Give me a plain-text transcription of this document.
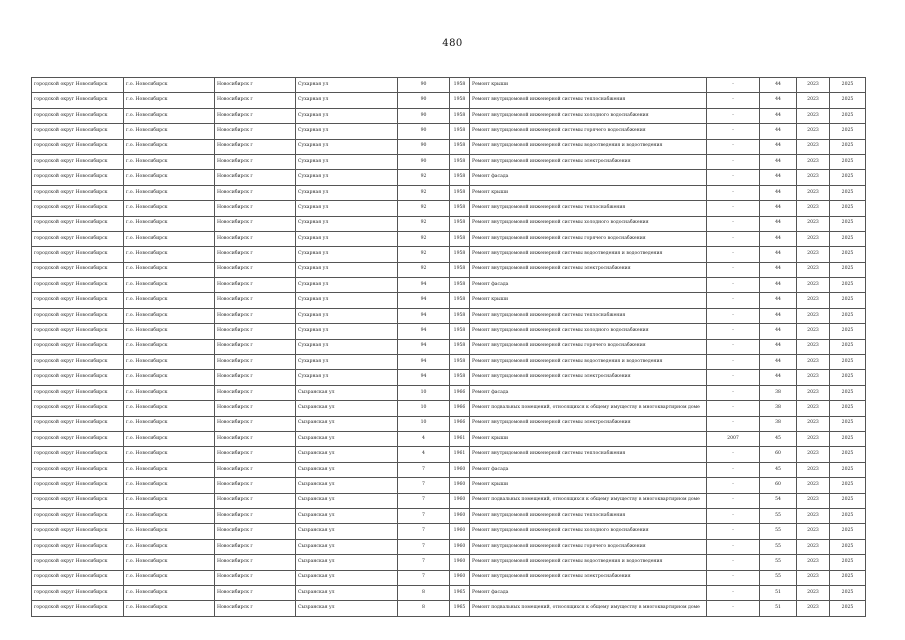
480
городской округ Новосибирск	г.о. Новосибирск	Новосибирск г	Сухарная ул	90	1958	Ремонт крыши	-	44	2023	2025
городской округ Новосибирск	г.о. Новосибирск	Новосибирск г	Сухарная ул	90	1958	Ремонт внутридомовой инженерной системы теплоснабжения	-	44	2023	2025
городской округ Новосибирск	г.о. Новосибирск	Новосибирск г	Сухарная ул	90	1958	Ремонт внутридомовой инженерной системы холодного водоснабжения	-	44	2023	2025
городской округ Новосибирск	г.о. Новосибирск	Новосибирск г	Сухарная ул	90	1958	Ремонт внутридомовой инженерной системы горячего водоснабжения	-	44	2023	2025
городской округ Новосибирск	г.о. Новосибирск	Новосибирск г	Сухарная ул	90	1958	Ремонт внутридомовой инженерной системы водоотведения и водоотведения	-	44	2023	2025
городской округ Новосибирск	г.о. Новосибирск	Новосибирск г	Сухарная ул	90	1958	Ремонт внутридомовой инженерной системы электроснабжения	-	44	2023	2025
городской округ Новосибирск	г.о. Новосибирск	Новосибирск г	Сухарная ул	92	1958	Ремонт фасада	-	44	2023	2025
городской округ Новосибирск	г.о. Новосибирск	Новосибирск г	Сухарная ул	92	1958	Ремонт крыши	-	44	2023	2025
городской округ Новосибирск	г.о. Новосибирск	Новосибирск г	Сухарная ул	92	1958	Ремонт внутридомовой инженерной системы теплоснабжения	-	44	2023	2025
городской округ Новосибирск	г.о. Новосибирск	Новосибирск г	Сухарная ул	92	1958	Ремонт внутридомовой инженерной системы холодного водоснабжения	-	44	2023	2025
городской округ Новосибирск	г.о. Новосибирск	Новосибирск г	Сухарная ул	92	1958	Ремонт внутридомовой инженерной системы горячего водоснабжения	-	44	2023	2025
городской округ Новосибирск	г.о. Новосибирск	Новосибирск г	Сухарная ул	92	1958	Ремонт внутридомовой инженерной системы водоотведения и водоотведения	-	44	2023	2025
городской округ Новосибирск	г.о. Новосибирск	Новосибирск г	Сухарная ул	92	1958	Ремонт внутридомовой инженерной системы электроснабжения	-	44	2023	2025
городской округ Новосибирск	г.о. Новосибирск	Новосибирск г	Сухарная ул	94	1958	Ремонт фасада	-	44	2023	2025
городской округ Новосибирск	г.о. Новосибирск	Новосибирск г	Сухарная ул	94	1958	Ремонт крыши	-	44	2023	2025
городской округ Новосибирск	г.о. Новосибирск	Новосибирск г	Сухарная ул	94	1958	Ремонт внутридомовой инженерной системы теплоснабжения	-	44	2023	2025
городской округ Новосибирск	г.о. Новосибирск	Новосибирск г	Сухарная ул	94	1958	Ремонт внутридомовой инженерной системы холодного водоснабжения	-	44	2023	2025
городской округ Новосибирск	г.о. Новосибирск	Новосибирск г	Сухарная ул	94	1958	Ремонт внутридомовой инженерной системы горячего водоснабжения	-	44	2023	2025
городской округ Новосибирск	г.о. Новосибирск	Новосибирск г	Сухарная ул	94	1958	Ремонт внутридомовой инженерной системы водоотведения и водоотведения	-	44	2023	2025
городской округ Новосибирск	г.о. Новосибирск	Новосибирск г	Сухарная ул	94	1958	Ремонт внутридомовой инженерной системы электроснабжения	-	44	2023	2025
городской округ Новосибирск	г.о. Новосибирск	Новосибирск г	Сызранская ул	10	1966	Ремонт фасада	-	38	2023	2025
городской округ Новосибирск	г.о. Новосибирск	Новосибирск г	Сызранская ул	10	1966	Ремонт подвальных помещений, относящихся к общему имуществу в многоквартирном доме	-	38	2023	2025
городской округ Новосибирск	г.о. Новосибирск	Новосибирск г	Сызранская ул	10	1966	Ремонт внутридомовой инженерной системы электроснабжения	-	38	2023	2025
городской округ Новосибирск	г.о. Новосибирск	Новосибирск г	Сызранская ул	4	1961	Ремонт крыши	2007	45	2023	2025
городской округ Новосибирск	г.о. Новосибирск	Новосибирск г	Сызранская ул	4	1961	Ремонт внутридомовой инженерной системы теплоснабжения	-	60	2023	2025
городской округ Новосибирск	г.о. Новосибирск	Новосибирск г	Сызранская ул	7	1960	Ремонт фасада	-	45	2023	2025
городской округ Новосибирск	г.о. Новосибирск	Новосибирск г	Сызранская ул	7	1960	Ремонт крыши	-	60	2023	2025
городской округ Новосибирск	г.о. Новосибирск	Новосибирск г	Сызранская ул	7	1960	Ремонт подвальных помещений, относящихся к общему имуществу в многоквартирном доме	-	54	2023	2025
городской округ Новосибирск	г.о. Новосибирск	Новосибирск г	Сызранская ул	7	1960	Ремонт внутридомовой инженерной системы теплоснабжения	-	55	2023	2025
городской округ Новосибирск	г.о. Новосибирск	Новосибирск г	Сызранская ул	7	1960	Ремонт внутридомовой инженерной системы холодного водоснабжения	-	55	2023	2025
городской округ Новосибирск	г.о. Новосибирск	Новосибирск г	Сызранская ул	7	1960	Ремонт внутридомовой инженерной системы горячего водоснабжения	-	55	2023	2025
городской округ Новосибирск	г.о. Новосибирск	Новосибирск г	Сызранская ул	7	1960	Ремонт внутридомовой инженерной системы водоотведения и водоотведения	-	55	2023	2025
городской округ Новосибирск	г.о. Новосибирск	Новосибирск г	Сызранская ул	7	1960	Ремонт внутридомовой инженерной системы электроснабжения	-	55	2023	2025
городской округ Новосибирск	г.о. Новосибирск	Новосибирск г	Сызранская ул	8	1965	Ремонт фасада	-	51	2023	2025
городской округ Новосибирск	г.о. Новосибирск	Новосибирск г	Сызранская ул	8	1965	Ремонт подвальных помещений, относящихся к общему имуществу в многоквартирном доме	-	51	2023	2025
